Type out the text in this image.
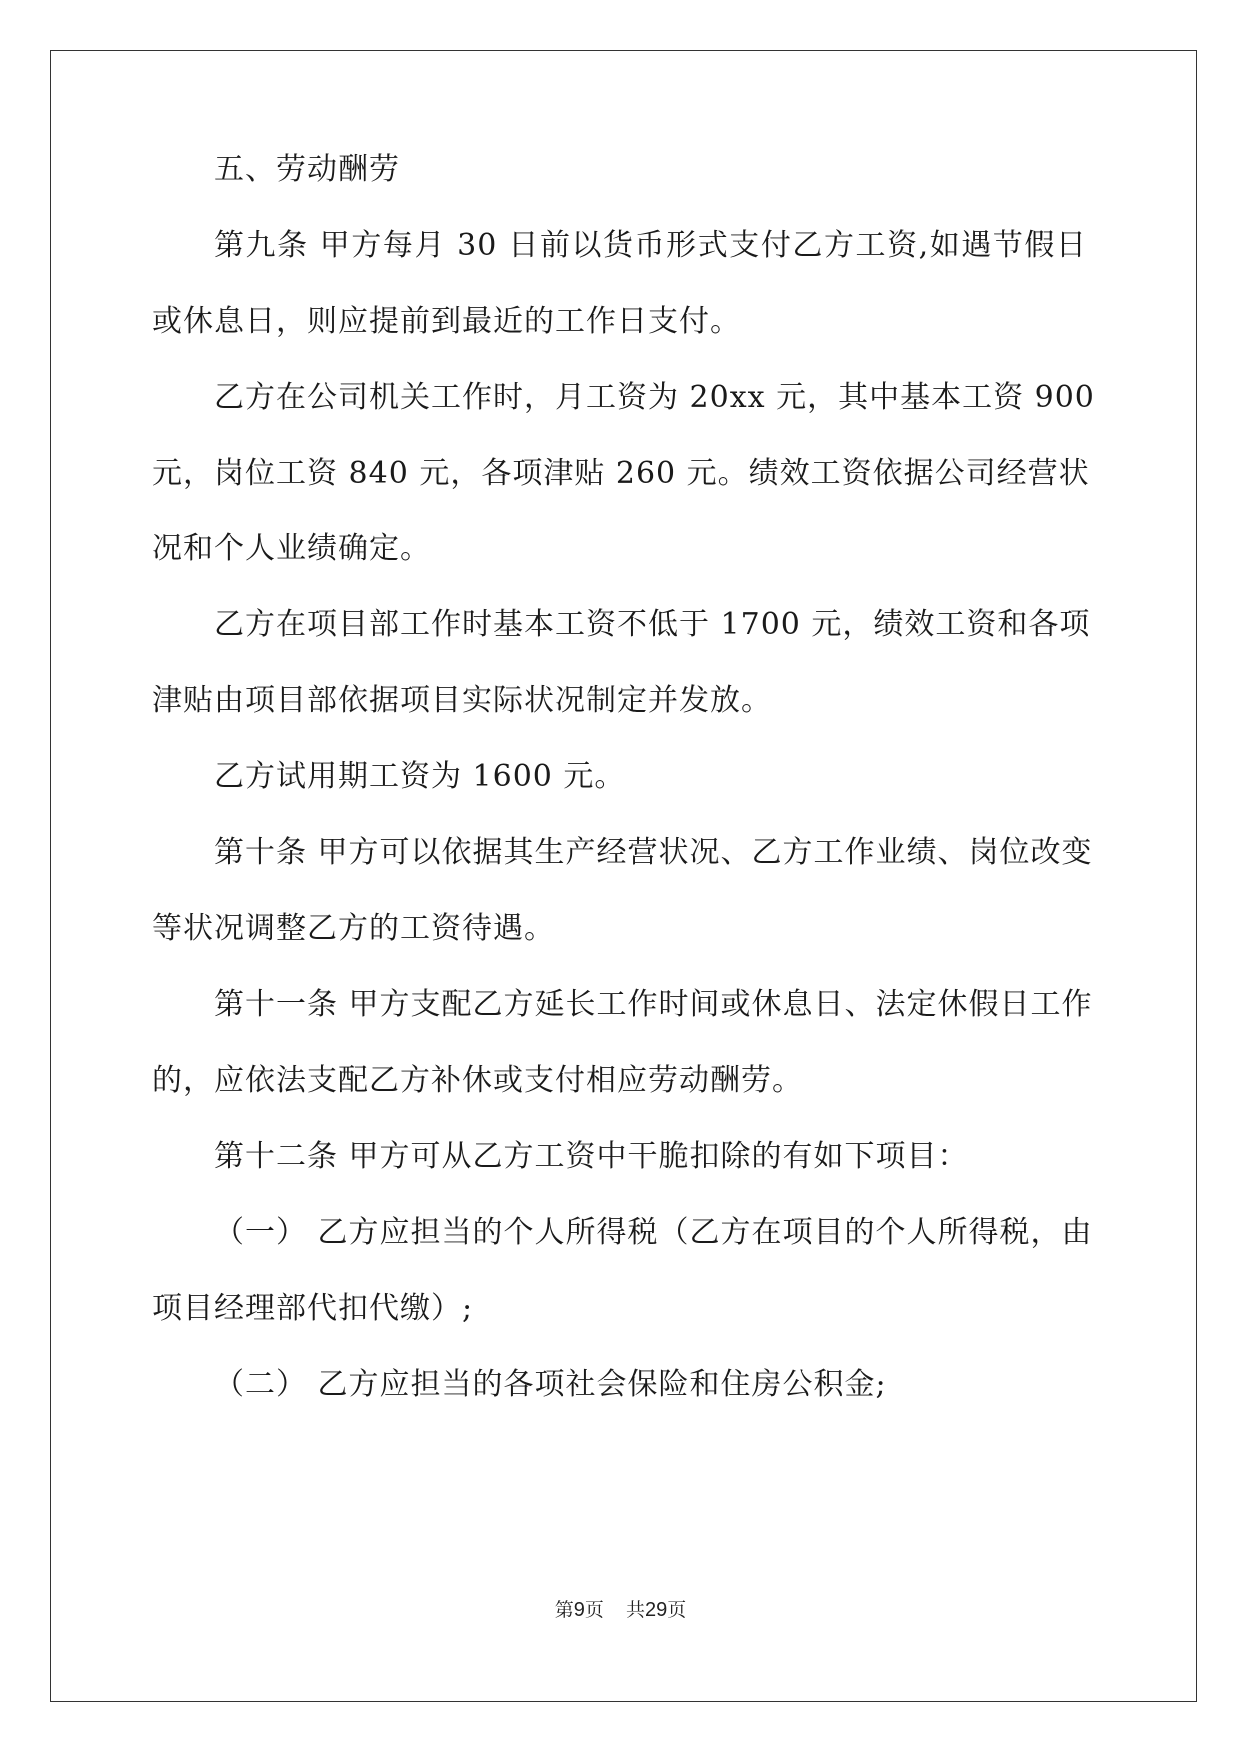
五、劳动酬劳
第九条 甲方每月 30 日前以货币形式支付乙方工资,如遇节假日
或休息日，则应提前到最近的工作日支付。
乙方在公司机关工作时，月工资为 20xx 元，其中基本工资 900
元，岗位工资 840 元，各项津贴 260 元。绩效工资依据公司经营状
况和个人业绩确定。
乙方在项目部工作时基本工资不低于 1700 元，绩效工资和各项
津贴由项目部依据项目实际状况制定并发放。
乙方试用期工资为 1600 元。
第十条 甲方可以依据其生产经营状况、乙方工作业绩、岗位改变
等状况调整乙方的工资待遇。
第十一条 甲方支配乙方延长工作时间或休息日、法定休假日工作
的，应依法支配乙方补休或支付相应劳动酬劳。
第十二条 甲方可从乙方工资中干脆扣除的有如下项目：
（一） 乙方应担当的个人所得税（乙方在项目的个人所得税，由
项目经理部代扣代缴）;
（二） 乙方应担当的各项社会保险和住房公积金;
第9页 共29页
